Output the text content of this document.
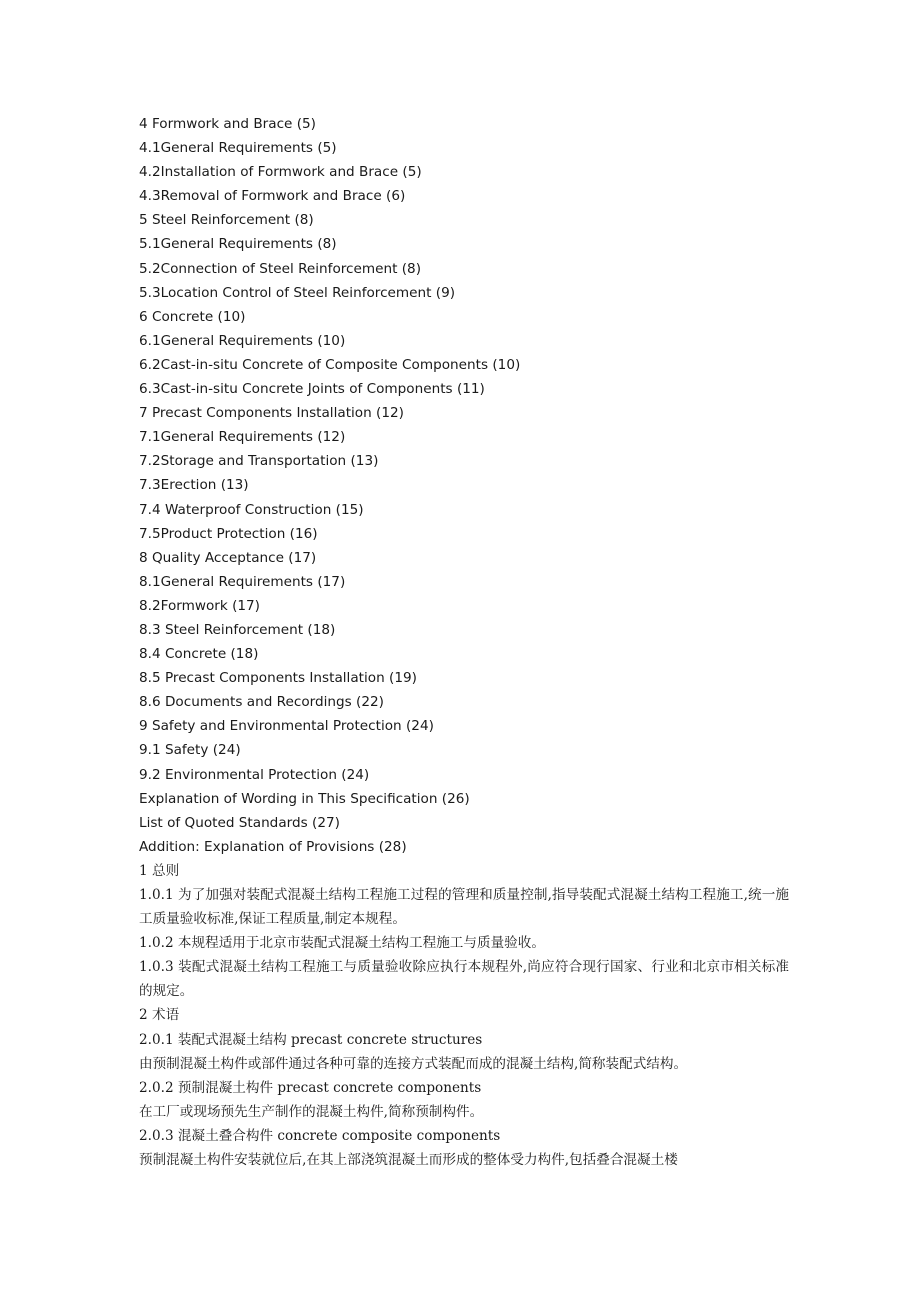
4 Formwork and Brace (5)
4.1General Requirements (5)
4.2Installation of Formwork and Brace (5)
4.3Removal of Formwork and Brace (6)
5 Steel Reinforcement (8)
5.1General Requirements (8)
5.2Connection of Steel Reinforcement (8)
5.3Location Control of Steel Reinforcement (9)
6 Concrete (10)
6.1General Requirements (10)
6.2Cast-in-situ Concrete of Composite Components (10)
6.3Cast-in-situ Concrete Joints of Components (11)
7 Precast Components Installation (12)
7.1General Requirements (12)
7.2Storage and Transportation (13)
7.3Erection (13)
7.4 Waterproof Construction (15)
7.5Product Protection (16)
8 Quality Acceptance (17)
8.1General Requirements (17)
8.2Formwork (17)
8.3 Steel Reinforcement (18)
8.4 Concrete (18)
8.5 Precast Components Installation (19)
8.6 Documents and Recordings (22)
9 Safety and Environmental Protection (24)
9.1 Safety (24)
9.2 Environmental Protection (24)
Explanation of Wording in This Specification (26)
List of Quoted Standards (27)
Addition: Explanation of Provisions (28)
1 总则
1.0.1 为了加强对装配式混凝土结构工程施工过程的管理和质量控制,指导装配式混凝土结构工程施工,统一施工质量验收标准,保证工程质量,制定本规程。
1.0.2 本规程适用于北京市装配式混凝土结构工程施工与质量验收。
1.0.3 装配式混凝土结构工程施工与质量验收除应执行本规程外,尚应符合现行国家、行业和北京市相关标准的规定。
2 术语
2.0.1 装配式混凝土结构 precast concrete structures
由预制混凝土构件或部件通过各种可靠的连接方式装配而成的混凝土结构,简称装配式结构。
2.0.2 预制混凝土构件 precast concrete components
在工厂或现场预先生产制作的混凝土构件,简称预制构件。
2.0.3 混凝土叠合构件 concrete composite components
预制混凝土构件安装就位后,在其上部浇筑混凝土而形成的整体受力构件,包括叠合混凝土楼
